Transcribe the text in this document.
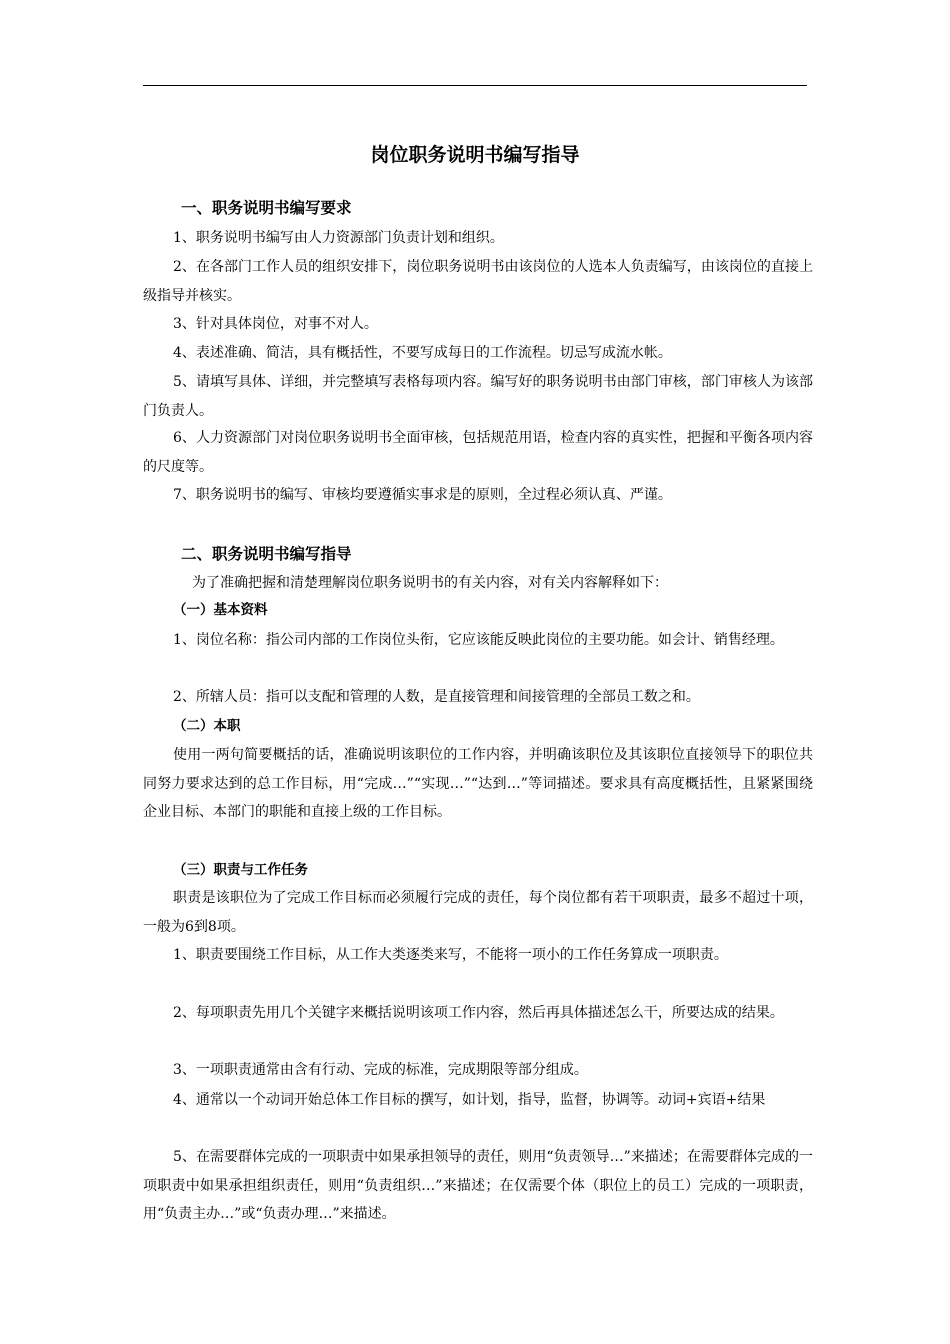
岗位职务说明书编写指导
一、职务说明书编写要求

1、职务说明书编写由人力资源部门负责计划和组织。

2、在各部门工作人员的组织安排下，岗位职务说明书由该岗位的人选本人负责编写，由该岗位的直接上级指导并核实。

3、针对具体岗位，对事不对人。

4、表述准确、简洁，具有概括性，不要写成每日的工作流程。切忌写成流水帐。

5、请填写具体、详细，并完整填写表格每项内容。编写好的职务说明书由部门审核，部门审核人为该部门负责人。

6、人力资源部门对岗位职务说明书全面审核，包括规范用语，检查内容的真实性，把握和平衡各项内容的尺度等。

7、职务说明书的编写、审核均要遵循实事求是的原则，全过程必须认真、严谨。

二、职务说明书编写指导

为了准确把握和清楚理解岗位职务说明书的有关内容，对有关内容解释如下：

（一）基本资料

1、岗位名称：指公司内部的工作岗位头衔，它应该能反映此岗位的主要功能。如会计、销售经理。

2、所辖人员：指可以支配和管理的人数，是直接管理和间接管理的全部员工数之和。

（二）本职

使用一两句简要概括的话，准确说明该职位的工作内容，并明确该职位及其该职位直接领导下的职位共同努力要求达到的总工作目标，用“完成…”“实现…”“达到…”等词描述。要求具有高度概括性，且紧紧围绕企业目标、本部门的职能和直接上级的工作目标。

（三）职责与工作任务

职责是该职位为了完成工作目标而必须履行完成的责任，每个岗位都有若干项职责，最多不超过十项，一般为6到8项。

1、职责要围绕工作目标，从工作大类逐类来写，不能将一项小的工作任务算成一项职责。

2、每项职责先用几个关键字来概括说明该项工作内容，然后再具体描述怎么干，所要达成的结果。

3、一项职责通常由含有行动、完成的标准，完成期限等部分组成。

4、通常以一个动词开始总体工作目标的撰写，如计划，指导，监督，协调等。动词+宾语+结果

5、在需要群体完成的一项职责中如果承担领导的责任，则用“负责领导…”来描述；在需要群体完成的一项职责中如果承担组织责任，则用“负责组织…”来描述；在仅需要个体（职位上的员工）完成的一项职责，用“负责主办…”或“负责办理…”来描述。
